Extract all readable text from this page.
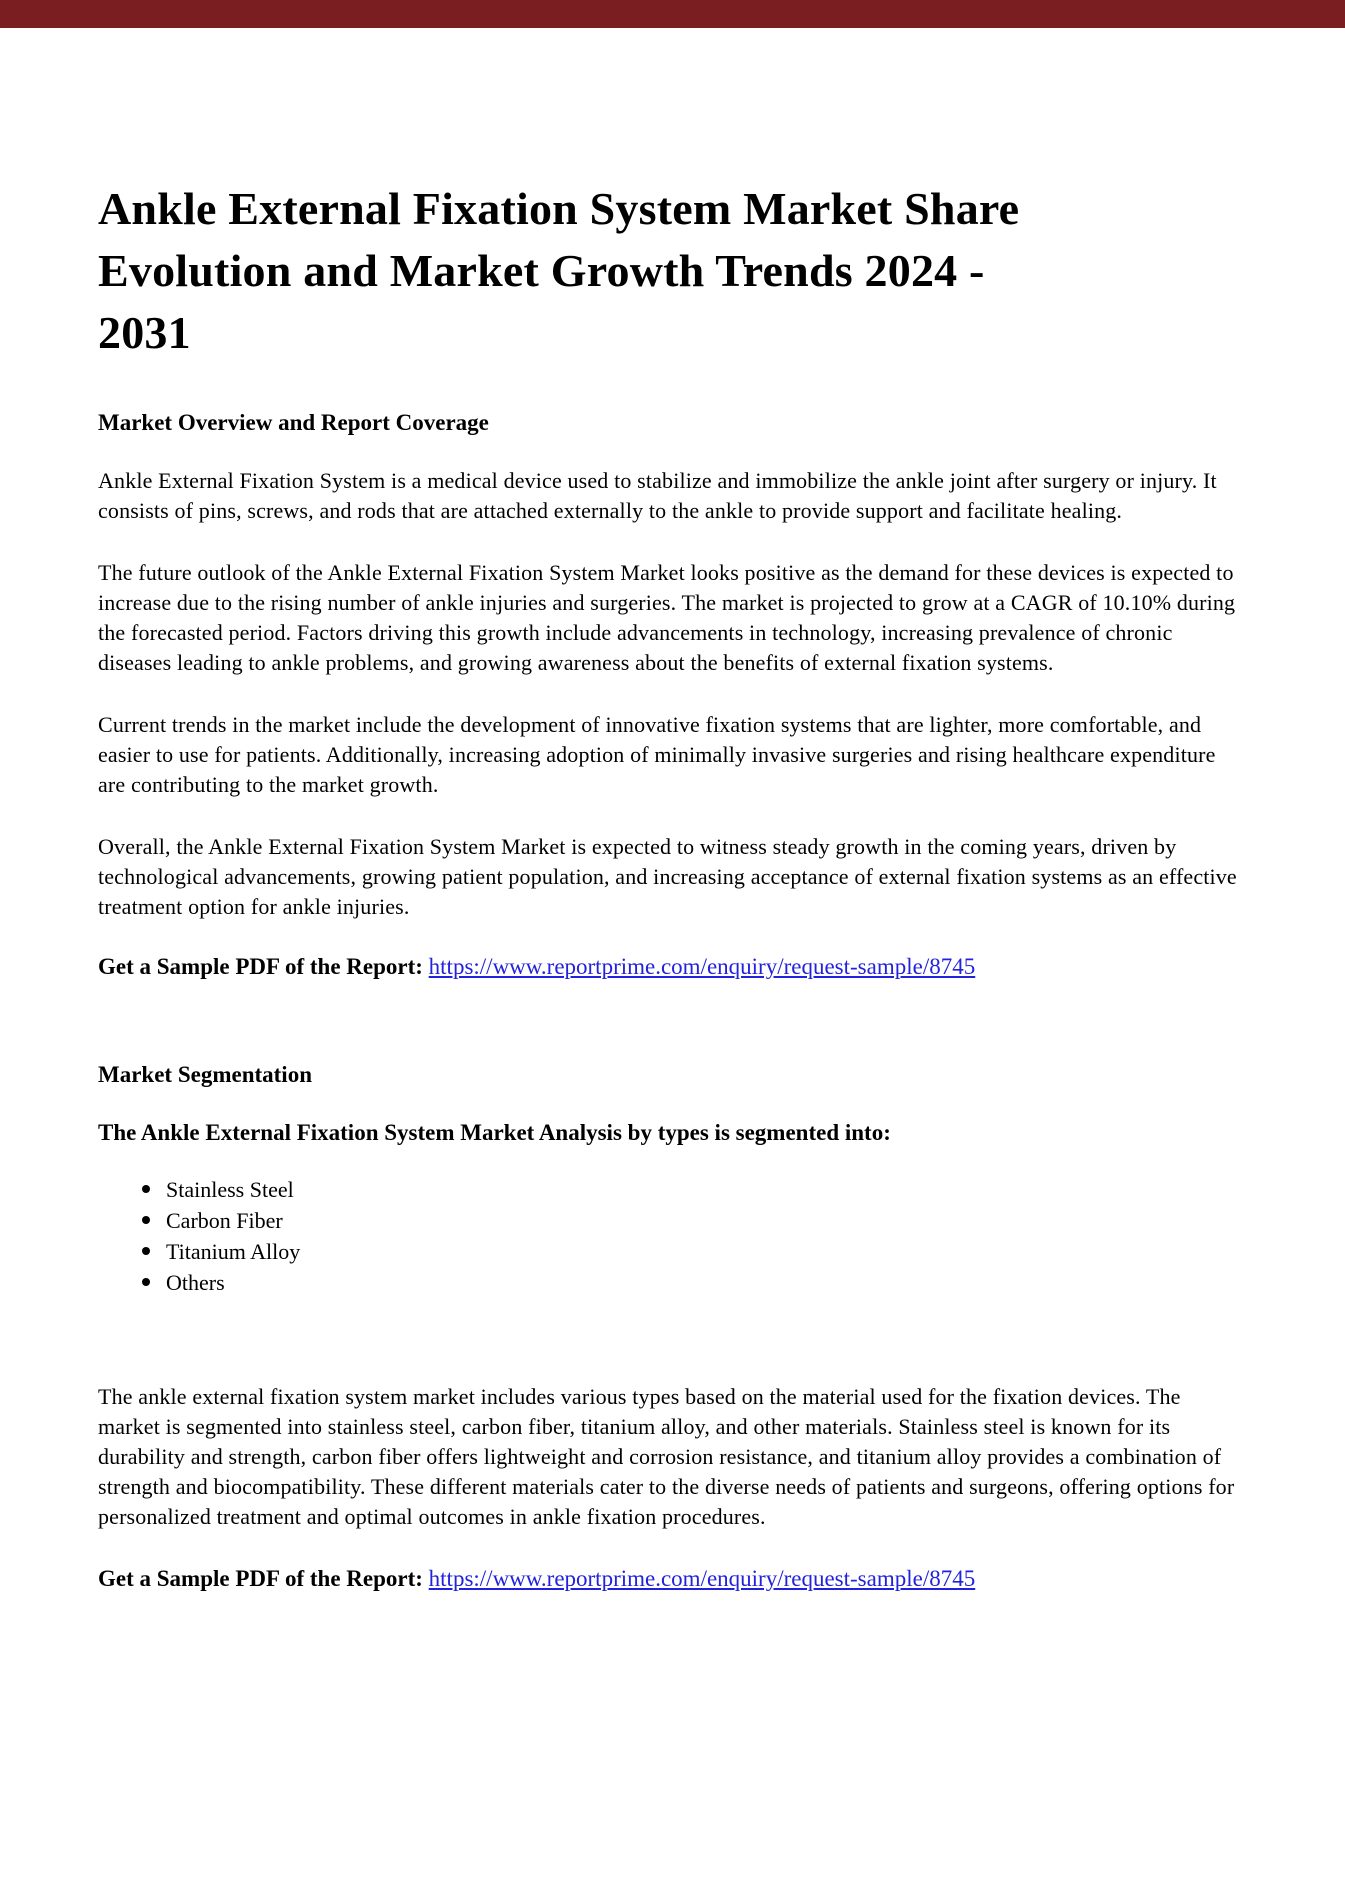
Ankle External Fixation System Market Share
Evolution and Market Growth Trends 2024 -
2031
Market Overview and Report Coverage

Ankle External Fixation System is a medical device used to stabilize and immobilize the ankle joint after surgery or injury. It consists of pins, screws, and rods that are attached externally to the ankle to provide support and facilitate healing.

The future outlook of the Ankle External Fixation System Market looks positive as the demand for these devices is expected to increase due to the rising number of ankle injuries and surgeries. The market is projected to grow at a CAGR of 10.10% during the forecasted period. Factors driving this growth include advancements in technology, increasing prevalence of chronic diseases leading to ankle problems, and growing awareness about the benefits of external fixation systems.

Current trends in the market include the development of innovative fixation systems that are lighter, more comfortable, and easier to use for patients. Additionally, increasing adoption of minimally invasive surgeries and rising healthcare expenditure are contributing to the market growth.

Overall, the Ankle External Fixation System Market is expected to witness steady growth in the coming years, driven by technological advancements, growing patient population, and increasing acceptance of external fixation systems as an effective treatment option for ankle injuries.

Get a Sample PDF of the Report: https://www.reportprime.com/enquiry/request-sample/8745

Market Segmentation
The Ankle External Fixation System Market Analysis by types is segmented into:
Stainless Steel
Carbon Fiber
Titanium Alloy
Others

The ankle external fixation system market includes various types based on the material used for the fixation devices. The market is segmented into stainless steel, carbon fiber, titanium alloy, and other materials. Stainless steel is known for its durability and strength, carbon fiber offers lightweight and corrosion resistance, and titanium alloy provides a combination of strength and biocompatibility. These different materials cater to the diverse needs of patients and surgeons, offering options for personalized treatment and optimal outcomes in ankle fixation procedures.

Get a Sample PDF of the Report: https://www.reportprime.com/enquiry/request-sample/8745
